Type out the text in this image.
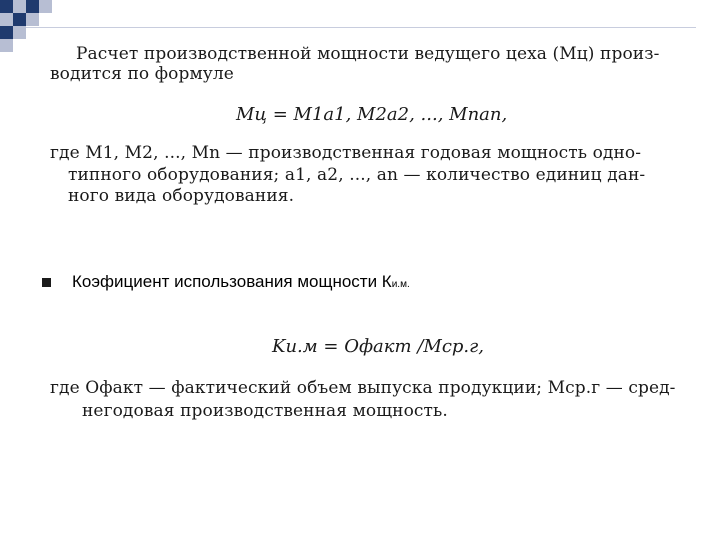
Расчет производственной мощности ведущего цеха (Mц) произ-
водится по формуле
Mц = M1a1, M2a2, ..., Mnan,
где M1, M2, ..., Mn — производственная годовая мощность одно-
типного оборудования; a1, a2, ..., an — количество единиц дан-
ного вида оборудования.
Коэфициент использования мощности Ки.м.
Kи.м = Oфакт /Mср.г,
где Oфакт — фактический объем выпуска продукции; Mср.г — сред-
негодовая производственная мощность.
